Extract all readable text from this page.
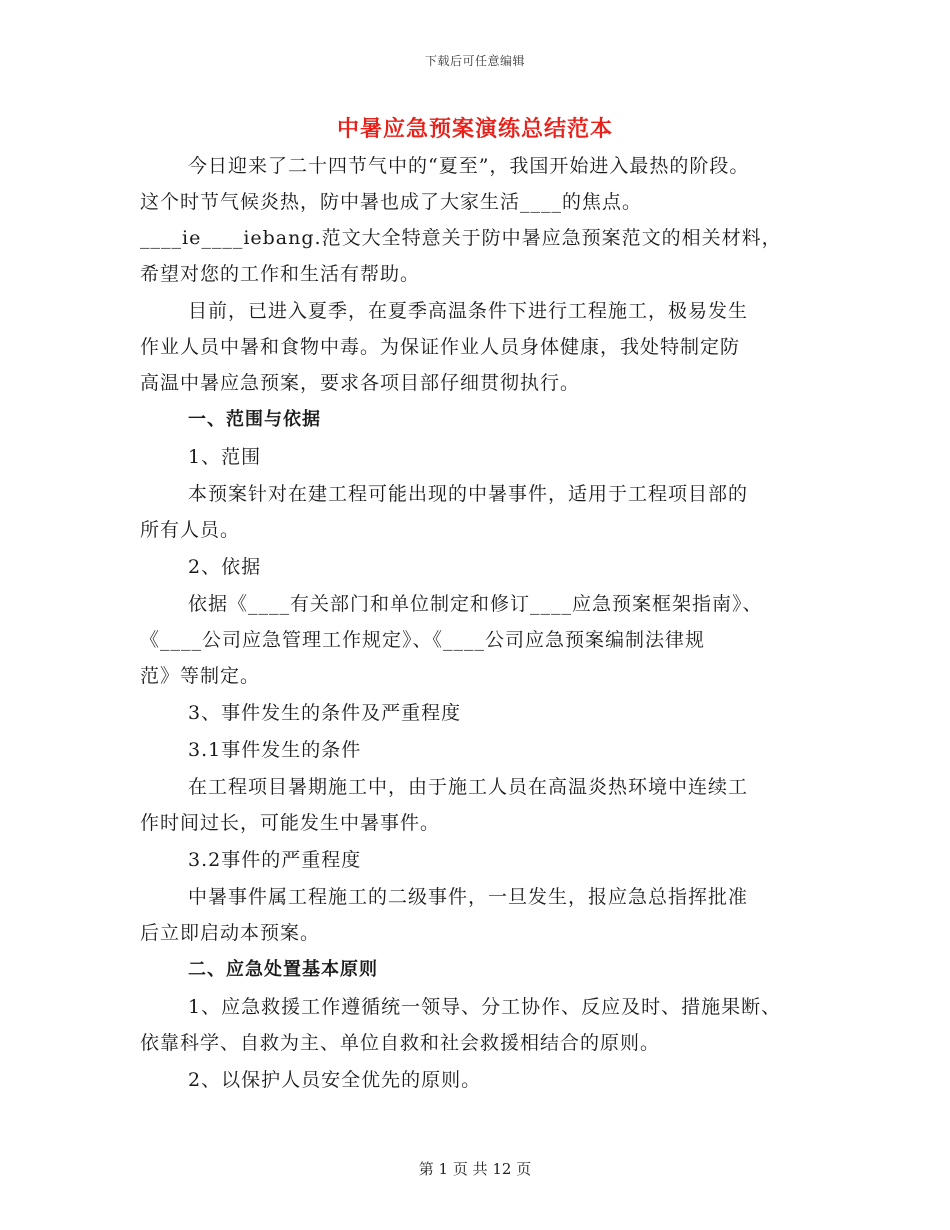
下载后可任意编辑
中暑应急预案演练总结范本
今日迎来了二十四节气中的“夏至”，我国开始进入最热的阶段。
这个时节气候炎热，防中暑也成了大家生活____的焦点。
____ie____iebang.范文大全特意关于防中暑应急预案范文的相关材料，
希望对您的工作和生活有帮助。
目前，已进入夏季，在夏季高温条件下进行工程施工，极易发生
作业人员中暑和食物中毒。为保证作业人员身体健康，我处特制定防
高温中暑应急预案，要求各项目部仔细贯彻执行。
一、范围与依据
1、范围
本预案针对在建工程可能出现的中暑事件，适用于工程项目部的
所有人员。
2、依据
依据《____有关部门和单位制定和修订____应急预案框架指南》、
《____公司应急管理工作规定》、《____公司应急预案编制法律规
范》等制定。
3、事件发生的条件及严重程度
3.1事件发生的条件
在工程项目暑期施工中，由于施工人员在高温炎热环境中连续工
作时间过长，可能发生中暑事件。
3.2事件的严重程度
中暑事件属工程施工的二级事件，一旦发生，报应急总指挥批准
后立即启动本预案。
二、应急处置基本原则
1、应急救援工作遵循统一领导、分工协作、反应及时、措施果断、
依靠科学、自救为主、单位自救和社会救援相结合的原则。
2、以保护人员安全优先的原则。
第 1 页 共 12 页
